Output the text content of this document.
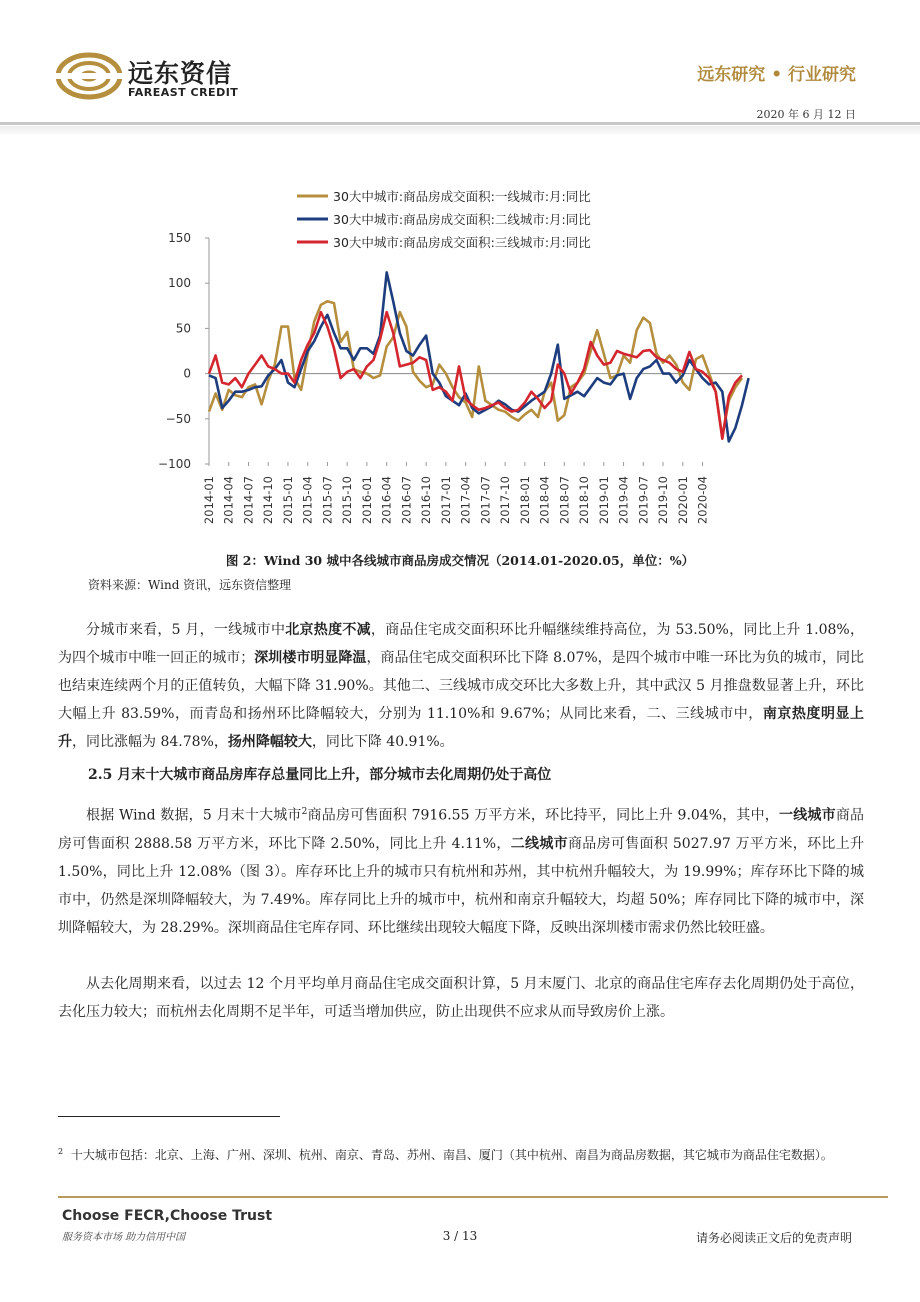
远东资信
FAREAST CREDIT
远东研究 • 行业研究
2020 年 6 月 12 日
30大中城市:商品房成交面积:一线城市:月:同比
30大中城市:商品房成交面积:二线城市:月:同比
30大中城市:商品房成交面积:三线城市:月:同比
150
100
50
0
−50
−100
2014-01 2014-04 2014-07 2014-10 2015-01 2015-04 2015-07 2015-10 2016-01 2016-04 2016-07 2016-10 2017-01 2017-04 2017-07 2017-10 2018-01 2018-04 2018-07 2018-10 2019-01 2019-04 2019-07 2019-10 2020-01 2020-04
图 2：Wind 30 城中各线城市商品房成交情况（2014.01-2020.05，单位：%）
资料来源：Wind 资讯，远东资信整理
分城市来看，5 月，一线城市中北京热度不减，商品住宅成交面积环比升幅继续维持高位，为 53.50%，同比上升 1.08%，为四个城市中唯一回正的城市；深圳楼市明显降温，商品住宅成交面积环比下降 8.07%，是四个城市中唯一环比为负的城市，同比也结束连续两个月的正值转负，大幅下降 31.90%。其他二、三线城市成交环比大多数上升，其中武汉 5 月推盘数显著上升，环比大幅上升 83.59%，而青岛和扬州环比降幅较大，分别为 11.10%和 9.67%；从同比来看，二、三线城市中，南京热度明显上升，同比涨幅为 84.78%，扬州降幅较大，同比下降 40.91%。
2.5 月末十大城市商品房库存总量同比上升，部分城市去化周期仍处于高位
根据 Wind 数据，5 月末十大城市$^2$商品房可售面积 7916.55 万平方米，环比持平，同比上升 9.04%，其中，一线城市商品房可售面积 2888.58 万平方米，环比下降 2.50%，同比上升 4.11%，二线城市商品房可售面积 5027.97 万平方米，环比上升 1.50%，同比上升 12.08%（图 3）。库存环比上升的城市只有杭州和苏州，其中杭州升幅较大，为 19.99%；库存环比下降的城市中，仍然是深圳降幅较大，为 7.49%。库存同比上升的城市中，杭州和南京升幅较大，均超 50%；库存同比下降的城市中，深圳降幅较大，为 28.29%。深圳商品住宅库存同、环比继续出现较大幅度下降，反映出深圳楼市需求仍然比较旺盛。
从去化周期来看，以过去 12 个月平均单月商品住宅成交面积计算，5 月末厦门、北京的商品住宅库存去化周期仍处于高位，去化压力较大；而杭州去化周期不足半年，可适当增加供应，防止出现供不应求从而导致房价上涨。
$^2$ 十大城市包括：北京、上海、广州、深圳、杭州、南京、青岛、苏州、南昌、厦门（其中杭州、南昌为商品房数据，其它城市为商品住宅数据）。
Choose FECR,Choose Trust
服务资本市场 助力信用中国	3 / 13	请务必阅读正文后的免责声明
